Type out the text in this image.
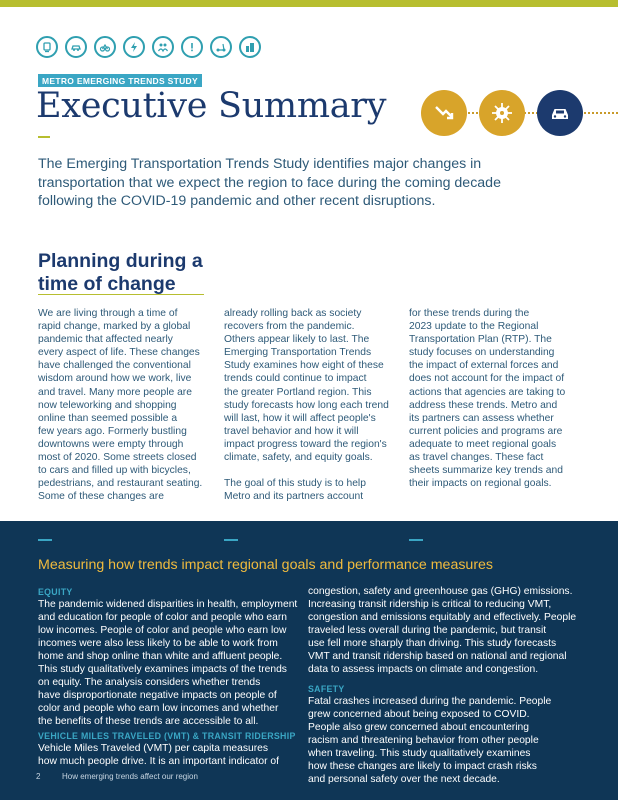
METRO EMERGING TRENDS STUDY
Executive Summary

The Emerging Transportation Trends Study identifies major changes in transportation that we expect the region to face during the coming decade following the COVID-19 pandemic and other recent disruptions.

Planning during a
time of change

We are living through a time of
rapid change, marked by a global
pandemic that affected nearly
every aspect of life. These changes
have challenged the conventional
wisdom around how we work, live
and travel. Many more people are
now teleworking and shopping
online than seemed possible a
few years ago. Formerly bustling
downtowns were empty through
most of 2020. Some streets closed
to cars and filled up with bicycles,
pedestrians, and restaurant seating.
Some of these changes are

already rolling back as society
recovers from the pandemic.
Others appear likely to last. The
Emerging Transportation Trends
Study examines how eight of these
trends could continue to impact
the greater Portland region. This
study forecasts how long each trend
will last, how it will affect people's
travel behavior and how it will
impact progress toward the region's
climate, safety, and equity goals.

The goal of this study is to help
Metro and its partners account

for these trends during the
2023 update to the Regional
Transportation Plan (RTP). The
study focuses on understanding
the impact of external forces and
does not account for the impact of
actions that agencies are taking to
address these trends. Metro and
its partners can assess whether
current policies and programs are
adequate to meet regional goals
as travel changes. These fact
sheets summarize key trends and
their impacts on regional goals.

Measuring how trends impact regional goals and performance measures
EQUITY

The pandemic widened disparities in health, employment
and education for people of color and people who earn
low incomes. People of color and people who earn low
incomes were also less likely to be able to work from
home and shop online than white and affluent people.
This study qualitatively examines impacts of the trends
on equity. The analysis considers whether trends
have disproportionate negative impacts on people of
color and people who earn low incomes and whether
the benefits of these trends are accessible to all.

VEHICLE MILES TRAVELED (VMT) & TRANSIT RIDERSHIP

Vehicle Miles Traveled (VMT) per capita measures
how much people drive. It is an important indicator of

congestion, safety and greenhouse gas (GHG) emissions.
Increasing transit ridership is critical to reducing VMT,
congestion and emissions equitably and effectively. People
traveled less overall during the pandemic, but transit
use fell more sharply than driving. This study forecasts
VMT and transit ridership based on national and regional
data to assess impacts on climate and congestion.

SAFETY

Fatal crashes increased during the pandemic. People
grew concerned about being exposed to COVID.
People also grew concerned about encountering
racism and threatening behavior from other people
when traveling. This study qualitatively examines
how these changes are likely to impact crash risks
and personal safety over the next decade.

2	How emerging trends affect our region
